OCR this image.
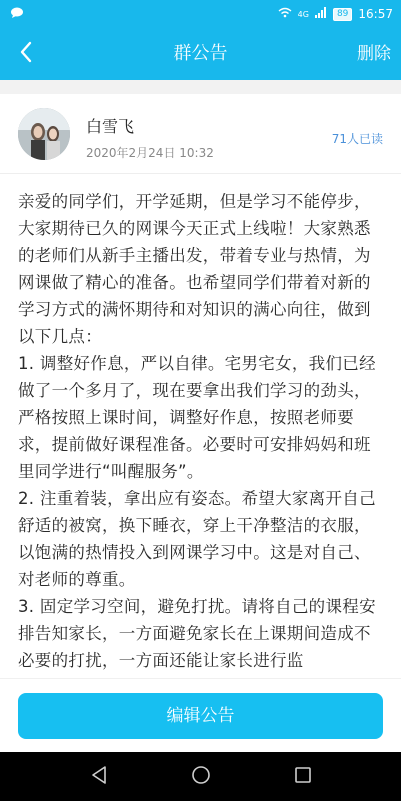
4G	89 16:57
群公告	删除
白雪飞
2020年2月24日 10:32
71人已读

亲爱的同学们，开学延期，但是学习不能停步，大家期待已久的网课今天正式上线啦！大家熟悉的老师们从新手主播出发，带着专业与热情，为网课做了精心的准备。也希望同学们带着对新的学习方式的满怀期待和对知识的满心向往，做到以下几点：

1. 调整好作息，严以自律。宅男宅女，我们已经做了一个多月了，现在要拿出我们学习的劲头，严格按照上课时间，调整好作息，按照老师要求，提前做好课程准备。必要时可安排妈妈和班里同学进行“叫醒服务”。

2. 注重着装，拿出应有姿态。希望大家离开自己舒适的被窝，换下睡衣，穿上干净整洁的衣服，以饱满的热情投入到网课学习中。这是对自己、对老师的尊重。

3. 固定学习空间，避免打扰。请将自己的课程安排告知家长，一方面避免家长在上课期间造成不必要的打扰，一方面还能让家长进行监

编辑公告
